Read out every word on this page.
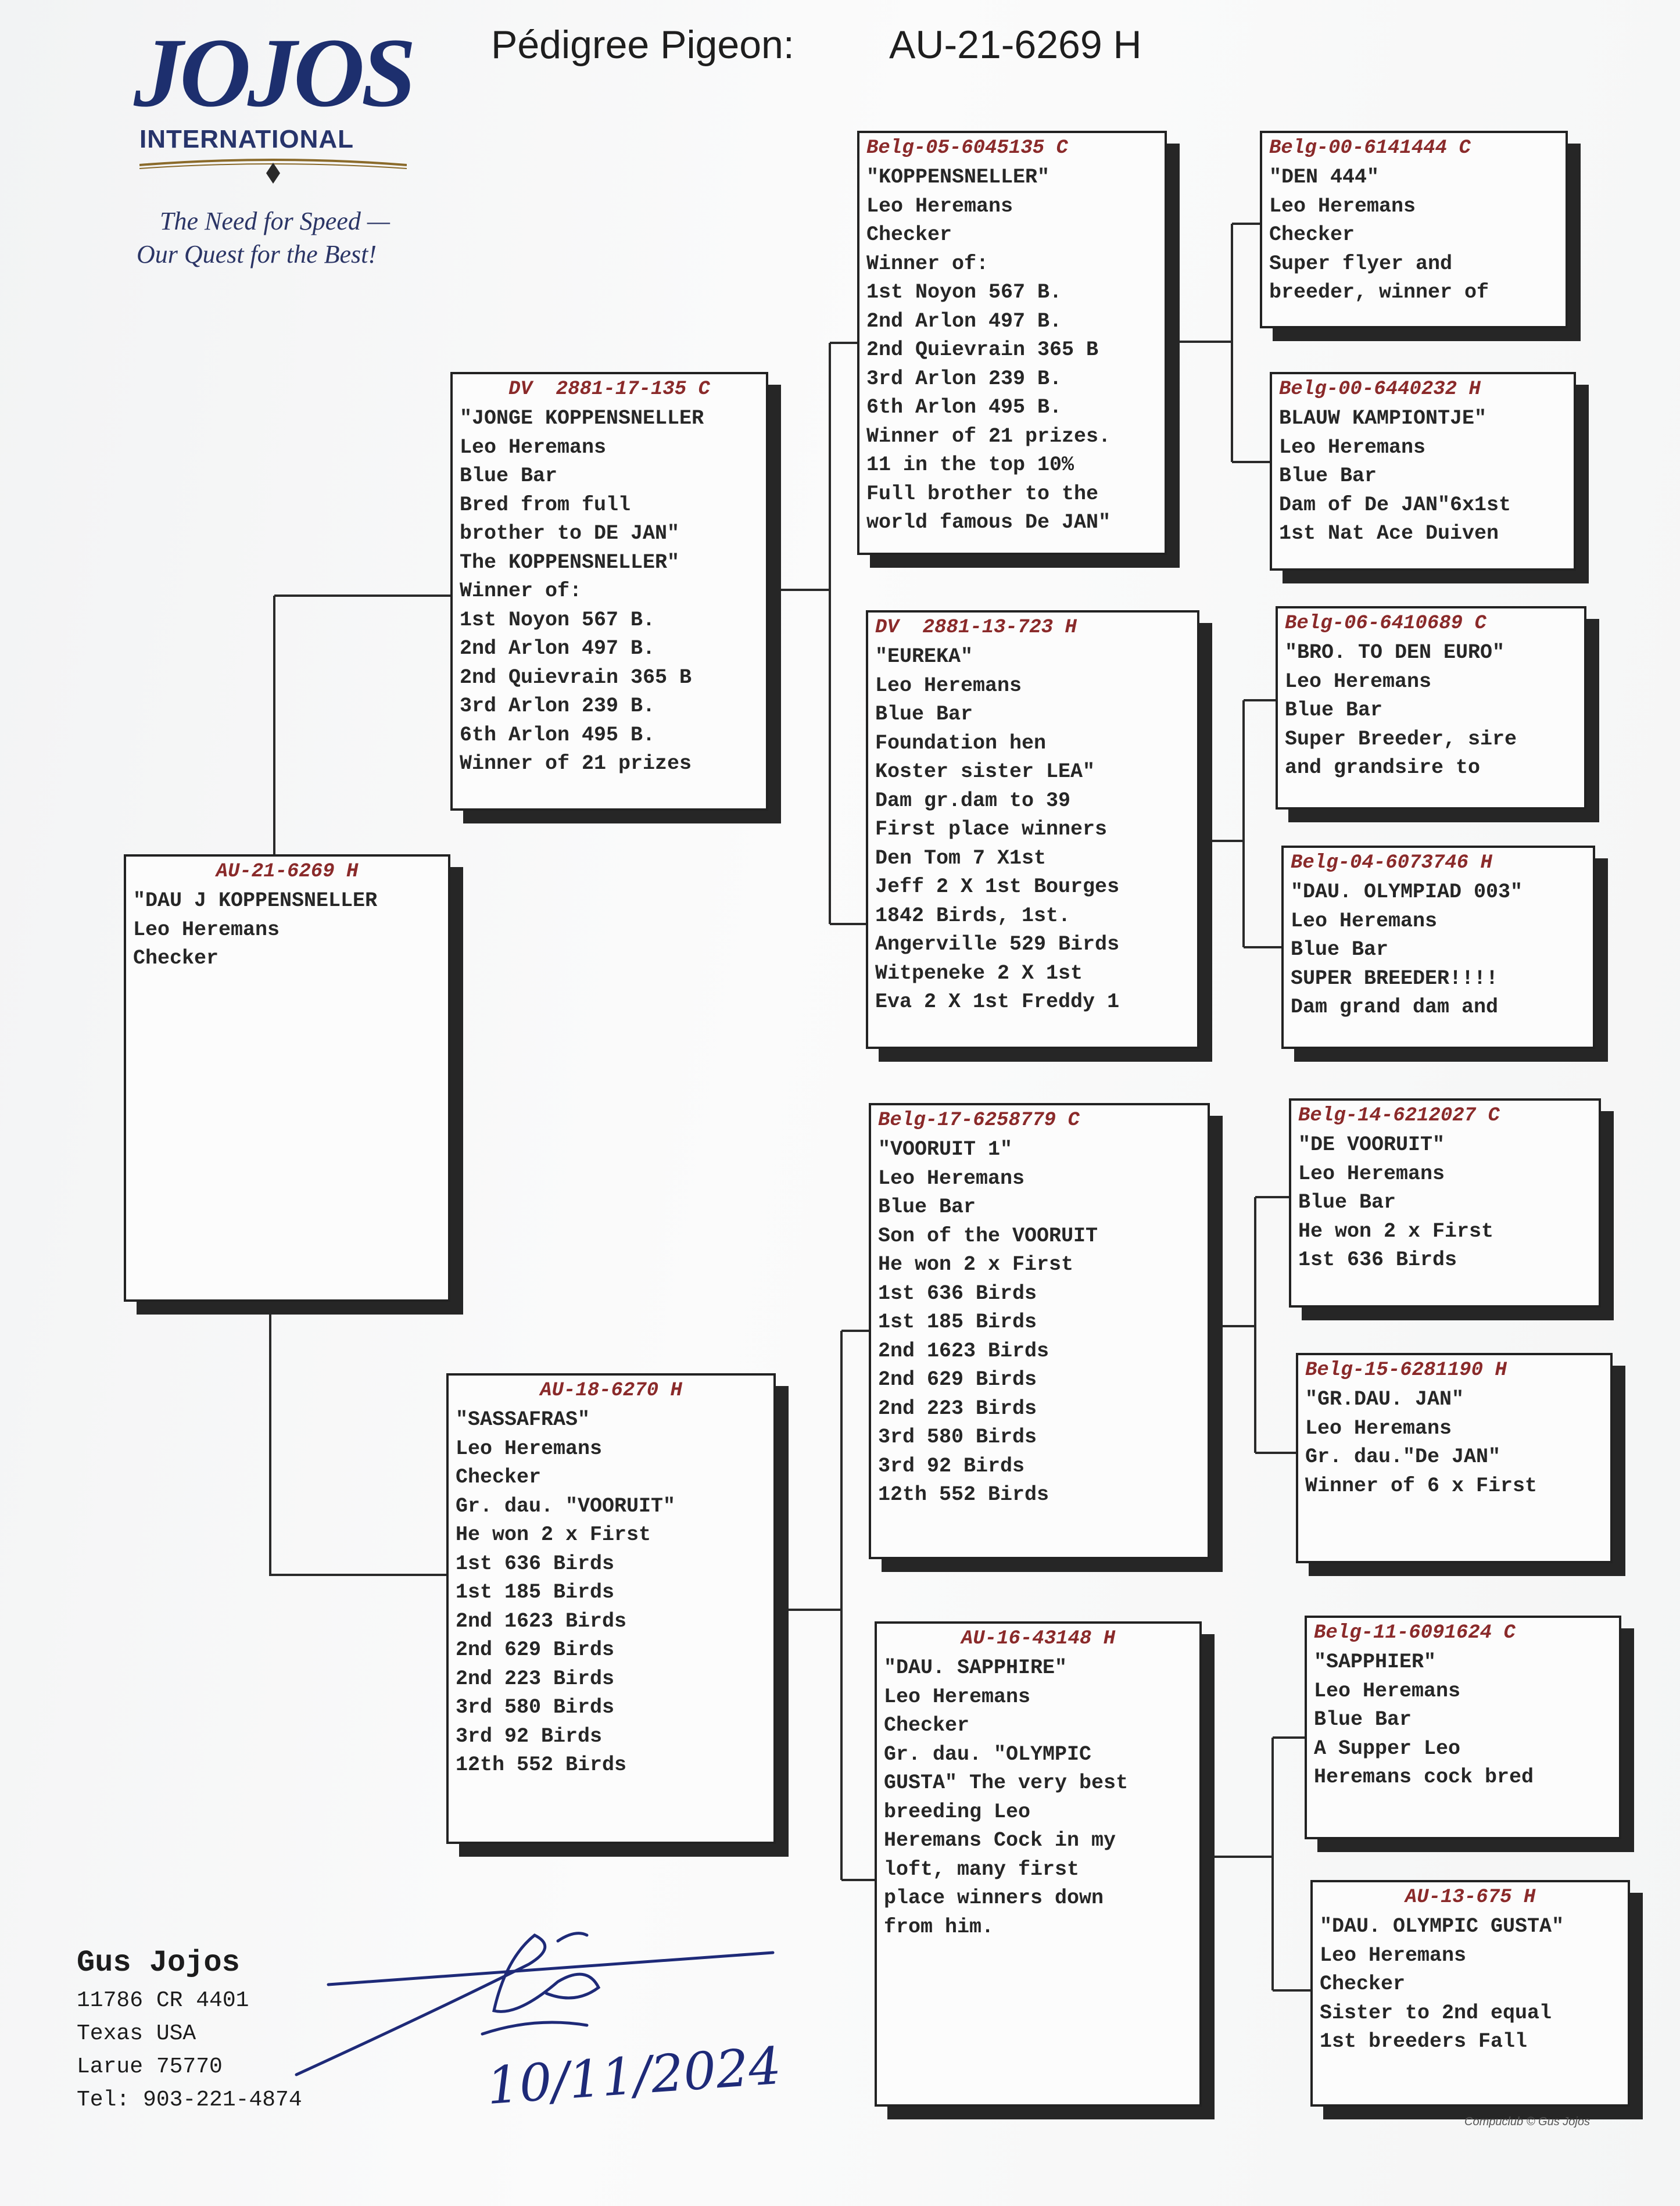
JOJOS
INTERNATIONAL
The Need for Speed —
Our Quest for the Best!
Pédigree Pigeon: AU-21-6269 H
AU-21-6269 H
"DAU J KOPPENSNELLER
Leo Heremans
Checker
DV  2881-17-135 C
"JONGE KOPPENSNELLER
Leo Heremans
Blue Bar
Bred from full
brother to DE JAN"
The KOPPENSNELLER"
Winner of:
1st Noyon 567 B.
2nd Arlon 497 B.
2nd Quievrain 365 B
3rd Arlon 239 B.
6th Arlon 495 B.
Winner of 21 prizes
AU-18-6270 H
"SASSAFRAS"
Leo Heremans
Checker
Gr. dau. "VOORUIT"
He won 2 x First
1st 636 Birds
1st 185 Birds
2nd 1623 Birds
2nd 629 Birds
2nd 223 Birds
3rd 580 Birds
3rd 92 Birds
12th 552 Birds
Belg-05-6045135 C
"KOPPENSNELLER"
Leo Heremans
Checker
Winner of:
1st Noyon 567 B.
2nd Arlon 497 B.
2nd Quievrain 365 B
3rd Arlon 239 B.
6th Arlon 495 B.
Winner of 21 prizes.
11 in the top 10%
Full brother to the
world famous De JAN"
DV  2881-13-723 H
"EUREKA"
Leo Heremans
Blue Bar
Foundation hen
Koster sister LEA"
Dam gr.dam to 39
First place winners
Den Tom 7 X1st
Jeff 2 X 1st Bourges
1842 Birds, 1st.
Angerville 529 Birds
Witpeneke 2 X 1st
Eva 2 X 1st Freddy 1
Belg-17-6258779 C
"VOORUIT 1"
Leo Heremans
Blue Bar
Son of the VOORUIT
He won 2 x First
1st 636 Birds
1st 185 Birds
2nd 1623 Birds
2nd 629 Birds
2nd 223 Birds
3rd 580 Birds
3rd 92 Birds
12th 552 Birds
AU-16-43148 H
"DAU. SAPPHIRE"
Leo Heremans
Checker
Gr. dau. "OLYMPIC
GUSTA" The very best
breeding Leo
Heremans Cock in my
loft, many first
place winners down
from him.
Belg-00-6141444 C
"DEN 444"
Leo Heremans
Checker
Super flyer and
breeder, winner of
Belg-00-6440232 H
BLAUW KAMPIONTJE"
Leo Heremans
Blue Bar
Dam of De JAN"6x1st
1st Nat Ace Duiven
Belg-06-6410689 C
"BRO. TO DEN EURO"
Leo Heremans
Blue Bar
Super Breeder, sire
and grandsire to
Belg-04-6073746 H
"DAU. OLYMPIAD 003"
Leo Heremans
Blue Bar
SUPER BREEDER!!!!
Dam grand dam and
Belg-14-6212027 C
"DE VOORUIT"
Leo Heremans
Blue Bar
He won 2 x First
1st 636 Birds
Belg-15-6281190 H
"GR.DAU. JAN"
Leo Heremans
Gr. dau."De JAN"
Winner of 6 x First
Belg-11-6091624 C
"SAPPHIER"
Leo Heremans
Blue Bar
A Supper Leo
Heremans cock bred
AU-13-675 H
"DAU. OLYMPIC GUSTA"
Leo Heremans
Checker
Sister to 2nd equal
1st breeders Fall
Gus Jojos
11786 CR 4401
Texas USA
Larue 75770
Tel: 903-221-4874	10/11/2024
Compuclub © Gus Jojos
